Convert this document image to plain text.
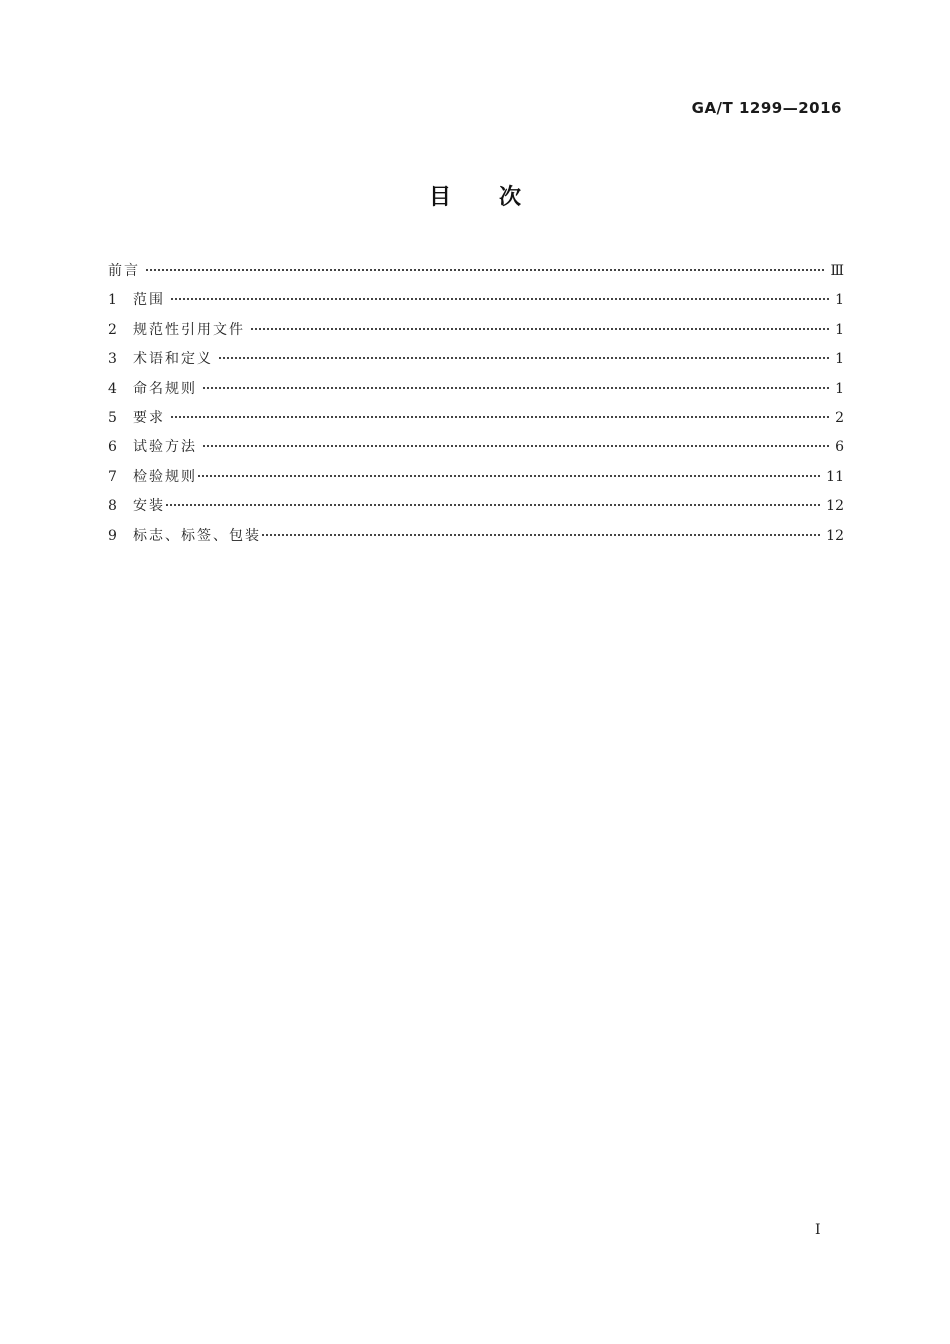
GA/T 1299—2016
目 次
前言	Ⅲ
1	范围	1
2	规范性引用文件	1
3	术语和定义	1
4	命名规则	1
5	要求	2
6	试验方法	6
7	检验规则	11
8	安装	12
9	标志、标签、包装	12
I
